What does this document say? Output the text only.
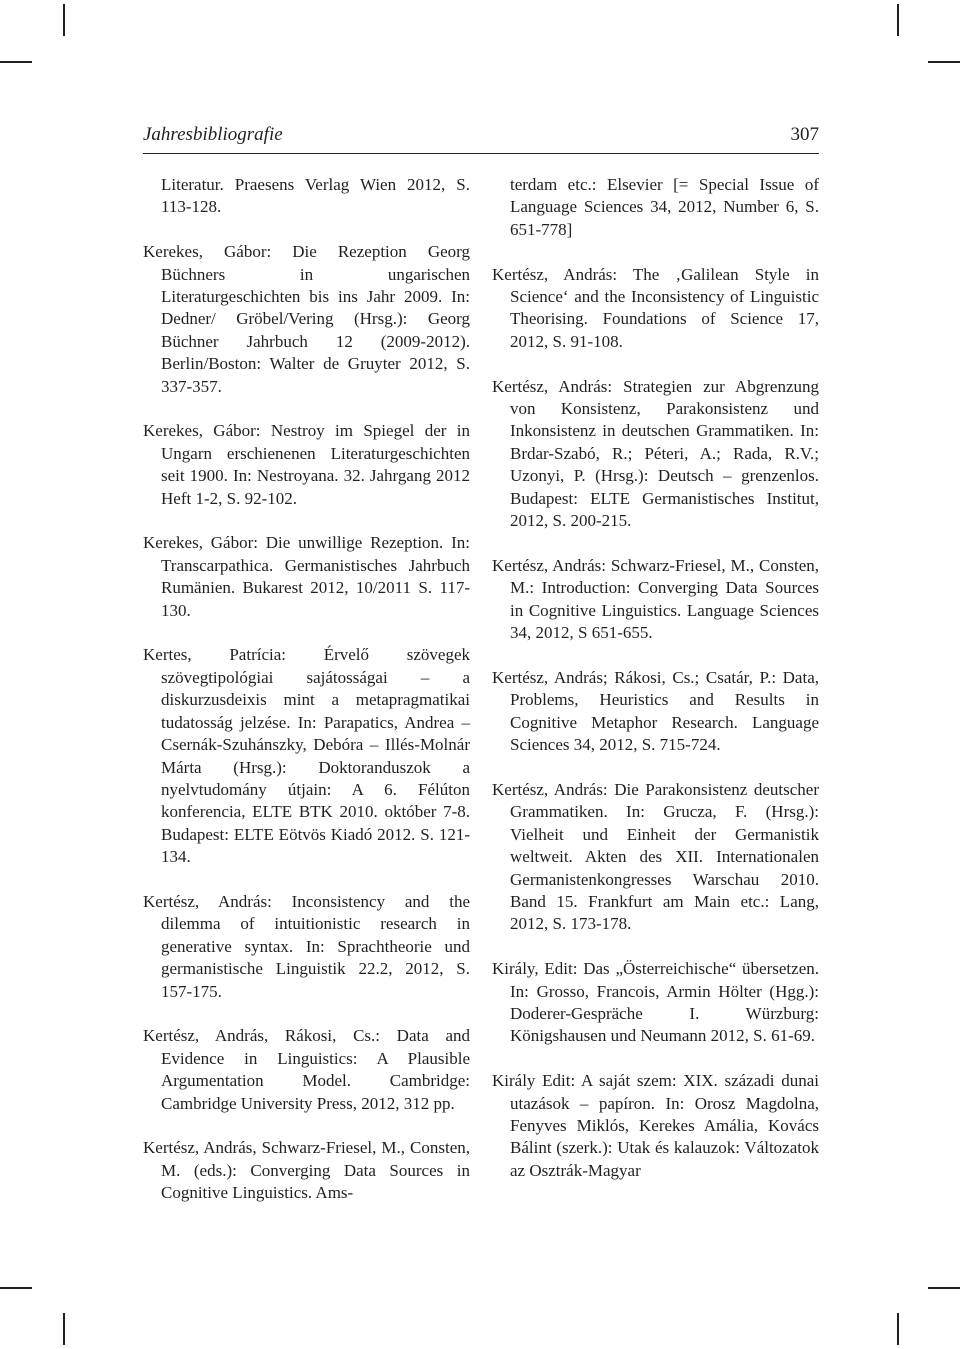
Jahresbibliografie	307

Literatur. Praesens Verlag Wien 2012, S. 113-128.

Kerekes, Gábor: Die Rezeption Georg Büchners in ungarischen Literaturgeschichten bis ins Jahr 2009. In: Dedner/ Gröbel/Vering (Hrsg.): Georg Büchner Jahrbuch 12 (2009-2012). Berlin/Boston: Walter de Gruyter 2012, S. 337-357.

Kerekes, Gábor: Nestroy im Spiegel der in Ungarn erschienenen Literaturgeschichten seit 1900. In: Nestroyana. 32. Jahrgang 2012 Heft 1-2, S. 92-102.

Kerekes, Gábor: Die unwillige Rezeption. In: Transcarpathica. Germanistisches Jahrbuch Rumänien. Bukarest 2012, 10/2011 S. 117-130.

Kertes, Patrícia: Érvelő szövegek szövegtipológiai sajátosságai – a diskurzusdeixis mint a metapragmatikai tudatosság jelzése. In: Parapatics, Andrea – Csernák-Szuhánszky, Debóra – Illés-Molnár Márta (Hrsg.): Doktoranduszok a nyelvtudomány útjain: A 6. Félúton konferencia, ELTE BTK 2010. október 7-8. Budapest: ELTE Eötvös Kiadó 2012. S. 121-134.

Kertész, András: Inconsistency and the dilemma of intuitionistic research in generative syntax. In: Sprachtheorie und germanistische Linguistik 22.2, 2012, S. 157-175.

Kertész, András, Rákosi, Cs.: Data and Evidence in Linguistics: A Plausible Argumentation Model. Cambridge: Cambridge University Press, 2012, 312 pp.

Kertész, András, Schwarz-Friesel, M., Consten, M. (eds.): Converging Data Sources in Cognitive Linguistics. Ams-

terdam etc.: Elsevier [= Special Issue of Language Sciences 34, 2012, Number 6, S. 651-778]

Kertész, András: The ‚Galilean Style in Science‘ and the Inconsistency of Linguistic Theorising. Foundations of Science 17, 2012, S. 91-108.

Kertész, András: Strategien zur Abgrenzung von Konsistenz, Parakonsistenz und Inkonsistenz in deutschen Grammatiken. In: Brdar-Szabó, R.; Péteri, A.; Rada, R.V.; Uzonyi, P. (Hrsg.): Deutsch – grenzenlos. Budapest: ELTE Germanistisches Institut, 2012, S. 200-215.

Kertész, András: Schwarz-Friesel, M., Consten, M.: Introduction: Converging Data Sources in Cognitive Linguistics. Language Sciences 34, 2012, S 651-655.

Kertész, András; Rákosi, Cs.; Csatár, P.: Data, Problems, Heuristics and Results in Cognitive Metaphor Research. Language Sciences 34, 2012, S. 715-724.

Kertész, András: Die Parakonsistenz deutscher Grammatiken. In: Grucza, F. (Hrsg.): Vielheit und Einheit der Germanistik weltweit. Akten des XII. Internationalen Germanistenkongresses Warschau 2010. Band 15. Frankfurt am Main etc.: Lang, 2012, S. 173-178.

Király, Edit: Das „Österreichische“ übersetzen. In: Grosso, Francois, Armin Hölter (Hgg.): Doderer-Gespräche I. Würzburg: Königshausen und Neumann 2012, S. 61-69.

Király Edit: A saját szem: XIX. századi dunai utazások – papíron. In: Orosz Magdolna, Fenyves Miklós, Kerekes Amália, Kovács Bálint (szerk.): Utak és kalauzok: Változatok az Osztrák-Magyar
